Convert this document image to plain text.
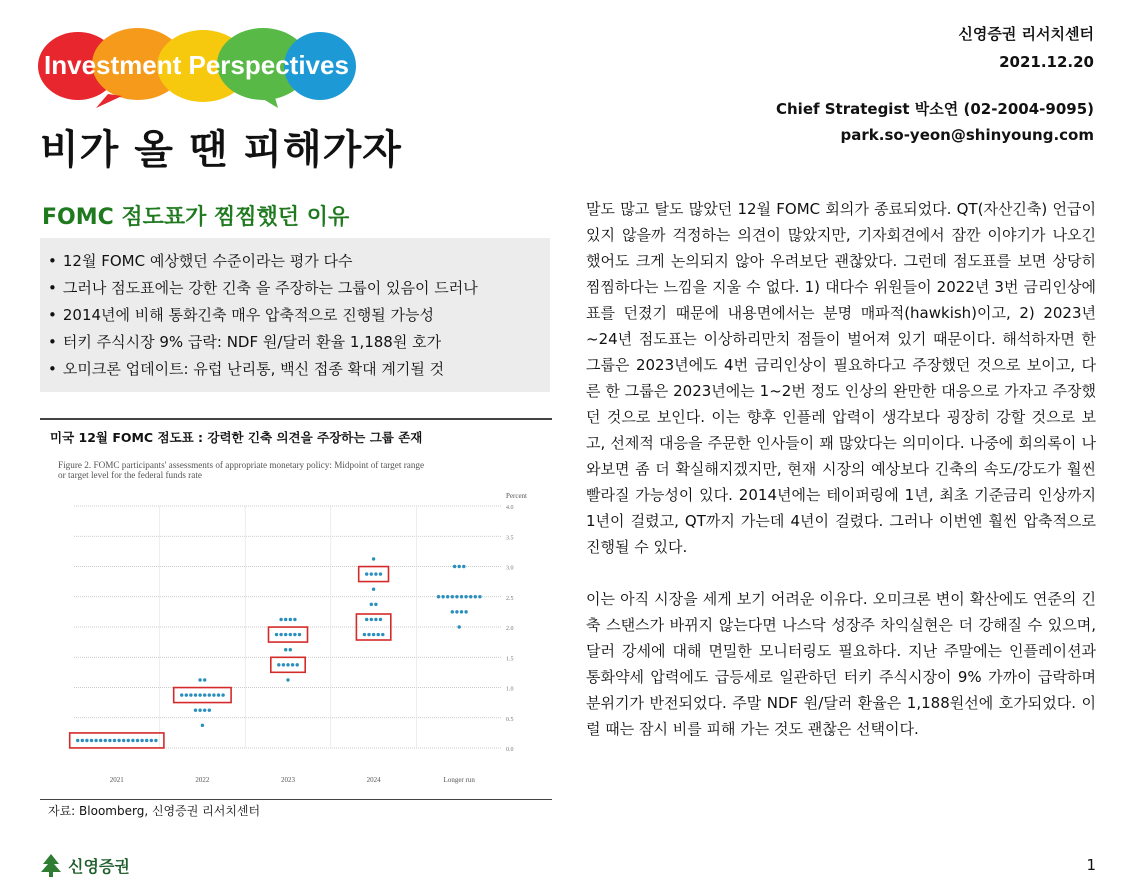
Investment Perspectives
신영증권 리서치센터
2021.12.20
Chief Strategist 박소연 (02-2004-9095)
park.so-yeon@shinyoung.com
비가 올 땐 피해가자
FOMC 점도표가 찜찜했던 이유
• 12월 FOMC 예상했던 수준이라는 평가 다수
• 그러나 점도표에는 강한 긴축 을 주장하는 그룹이 있음이 드러나
• 2014년에 비해 통화긴축 매우 압축적으로 진행될 가능성
• 터키 주식시장 9% 급락: NDF 원/달러 환율 1,188원 호가
• 오미크론 업데이트: 유럽 난리통, 백신 접종 확대 계기될 것
미국 12월 FOMC 점도표 : 강력한 긴축 의견을 주장하는 그룹 존재
Figure 2. FOMC participants' assessments of appropriate monetary policy: Midpoint of target range
or target level for the federal funds rate
Percent
4.0
3.5
3.0
2.5
2.0
1.5
1.0
0.5
0.0
2021	2022	2023	2024	Longer run
자료: Bloomberg, 신영증권 리서치센터

말도 많고 탈도 많았던 12월 FOMC 회의가 종료되었다. QT(자산긴축) 언급이 있지 않을까 걱정하는 의견이 많았지만, 기자회견에서 잠깐 이야기가 나오긴 했어도 크게 논의되지 않아 우려보단 괜찮았다. 그런데 점도표를 보면 상당히 찜찜하다는 느낌을 지울 수 없다. 1) 대다수 위원들이 2022년 3번 금리인상에 표를 던졌기 때문에 내용면에서는 분명 매파적(hawkish)이고, 2) 2023년~24년 점도표는 이상하리만치 점들이 벌어져 있기 때문이다. 해석하자면 한 그룹은 2023년에도 4번 금리인상이 필요하다고 주장했던 것으로 보이고, 다른 한 그룹은 2023년에는 1~2번 정도 인상의 완만한 대응으로 가자고 주장했던 것으로 보인다. 이는 향후 인플레 압력이 생각보다 굉장히 강할 것으로 보고, 선제적 대응을 주문한 인사들이 꽤 많았다는 의미이다. 나중에 회의록이 나와보면 좀 더 확실해지겠지만, 현재 시장의 예상보다 긴축의 속도/강도가 훨씬 빨라질 가능성이 있다. 2014년에는 테이퍼링에 1년, 최초 기준금리 인상까지 1년이 걸렸고, QT까지 가는데 4년이 걸렸다. 그러나 이번엔 훨씬 압축적으로 진행될 수 있다.

이는 아직 시장을 세게 보기 어려운 이유다. 오미크론 변이 확산에도 연준의 긴축 스탠스가 바뀌지 않는다면 나스닥 성장주 차익실현은 더 강해질 수 있으며, 달러 강세에 대해 면밀한 모니터링도 필요하다. 지난 주말에는 인플레이션과 통화약세 압력에도 급등세로 일관하던 터키 주식시장이 9% 가까이 급락하며 분위기가 반전되었다. 주말 NDF 원/달러 환율은 1,188원선에 호가되었다. 이럴 때는 잠시 비를 피해 가는 것도 괜찮은 선택이다.

신영증권	1
